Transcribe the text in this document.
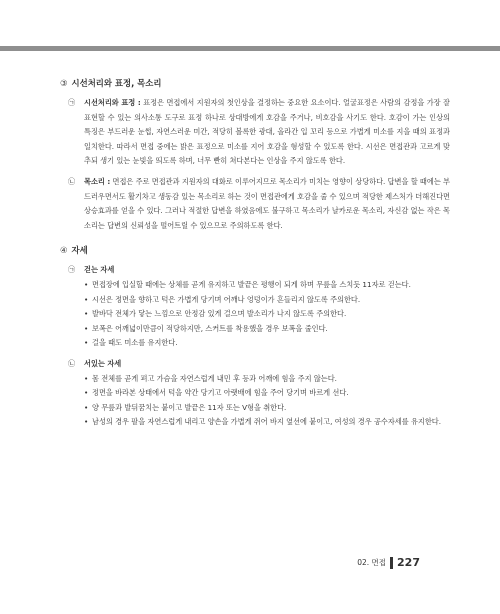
③ 시선처리와 표정, 목소리

㉠ 시선처리와 표정 : 표정은 면접에서 지원자의 첫인상을 결정하는 중요한 요소이다. 얼굴표정은 사람의 감정을 가장 잘 표현할 수 있는 의사소통 도구로 표정 하나로 상대방에게 호감을 주거나, 비호감을 사기도 한다. 호감이 가는 인상의 특징은 부드러운 눈썹, 자연스러운 미간, 적당히 볼록한 광대, 올라간 입 꼬리 등으로 가볍게 미소를 지을 때의 표정과 일치한다. 따라서 면접 중에는 밝은 표정으로 미소를 지어 호감을 형성할 수 있도록 한다. 시선은 면접관과 고르게 맞추되 생기 있는 눈빛을 띄도록 하며, 너무 빤히 쳐다본다는 인상을 주지 않도록 한다.

㉡ 목소리 : 면접은 주로 면접관과 지원자의 대화로 이루어지므로 목소리가 미치는 영향이 상당하다. 답변을 할 때에는 부드러우면서도 활기차고 생동감 있는 목소리로 하는 것이 면접관에게 호감을 줄 수 있으며 적당한 제스처가 더해진다면 상승효과를 얻을 수 있다. 그러나 적절한 답변을 하였음에도 불구하고 목소리가 날카로운 목소리, 자신감 없는 작은 목소리는 답변의 신뢰성을 떨어트릴 수 있으므로 주의하도록 한다.

④ 자세
㉠ 걷는 자세
• 면접장에 입실할 때에는 상체를 곧게 유지하고 발끝은 평행이 되게 하며 무릎을 스치듯 11자로 걷는다.
• 시선은 정면을 향하고 턱은 가볍게 당기며 어깨나 엉덩이가 흔들리지 않도록 주의한다.
• 발바닥 전체가 닿는 느낌으로 안정감 있게 걸으며 발소리가 나지 않도록 주의한다.
• 보폭은 어깨넓이만큼이 적당하지만, 스커트를 착용했을 경우 보폭을 줄인다.
• 걸을 때도 미소를 유지한다.
㉡ 서있는 자세
• 몸 전체를 곧게 펴고 가슴을 자연스럽게 내민 후 등과 어깨에 힘을 주지 않는다.
• 정면을 바라본 상태에서 턱을 약간 당기고 아랫배에 힘을 주어 당기며 바르게 선다.
• 양 무릎과 발뒤꿈치는 붙이고 발끝은 11자 또는 V형을 취한다.
• 남성의 경우 팔을 자연스럽게 내리고 양손을 가볍게 쥐어 바지 옆선에 붙이고, 여성의 경우 공수자세를 유지한다.
02. 면접 227
